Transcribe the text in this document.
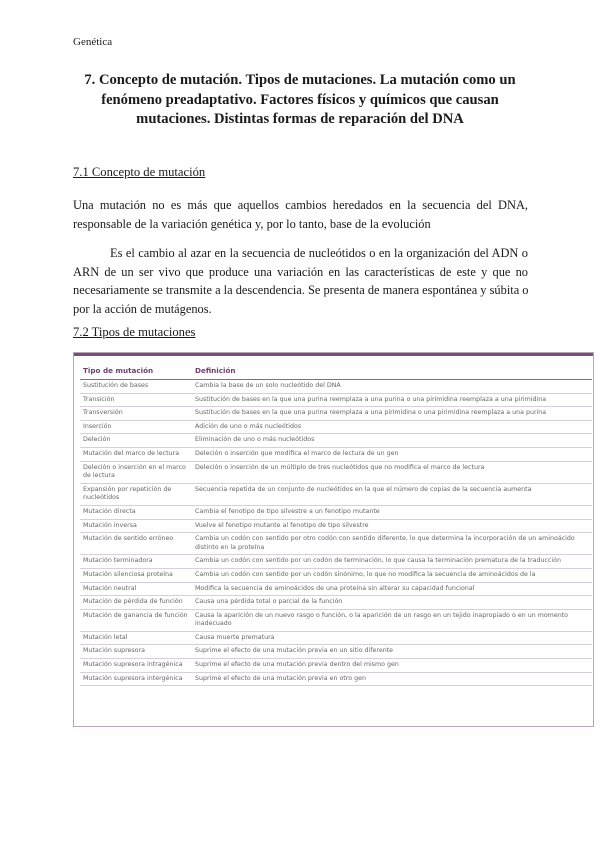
Genética
7. Concepto de mutación. Tipos de mutaciones. La mutación como un
fenómeno preadaptativo. Factores físicos y químicos que causan
mutaciones. Distintas formas de reparación del DNA
7.1 Concepto de mutación
Una mutación no es más que aquellos cambios heredados en la secuencia del DNA,
responsable de la variación genética y, por lo tanto, base de la evolución
Es el cambio al azar en la secuencia de nucleótidos o en la organización del ADN o
ARN de un ser vivo que produce una variación en las características de este y que no
necesariamente se transmite a la descendencia. Se presenta de manera espontánea y súbita o
por la acción de mutágenos.
7.2 Tipos de mutaciones
Tipo de mutación	Definición
Sustitución de bases	Cambia la base de un solo nucleótido del DNA
Transición	Sustitución de bases en la que una purina reemplaza a una purina o una pirimidina reemplaza a una pirimidina
Transversión	Sustitución de bases en la que una purina reemplaza a una pirimidina o una pirimidina reemplaza a una purina
Inserción	Adición de uno o más nucleótidos
Deleción	Eliminación de uno o más nucleótidos
Mutación del marco de lectura	Deleción o inserción que modifica el marco de lectura de un gen
Deleción o inserción en el marco de lectura	Deleción o inserción de un múltiplo de tres nucleótidos que no modifica el marco de lectura
Expansión por repetición de nucleótidos	Secuencia repetida de un conjunto de nucleótidos en la que el número de copias de la secuencia aumenta
Mutación directa	Cambia el fenotipo de tipo silvestre a un fenotipo mutante
Mutación inversa	Vuelve el fenotipo mutante al fenotipo de tipo silvestre
Mutación de sentido erróneo	Cambia un codón con sentido por otro codón con sentido diferente, lo que determina la incorporación de un aminoácido distinto en la proteína
Mutación terminadora	Cambia un codón con sentido por un codón de terminación, lo que causa la terminación prematura de la traducción
Mutación silenciosa proteína	Cambia un codón con sentido por un codón sinónimo, lo que no modifica la secuencia de aminoácidos de la
Mutación neutral	Modifica la secuencia de aminoácidos de una proteína sin alterar su capacidad funcional
Mutación de pérdida de función	Causa una pérdida total o parcial de la función
Mutación de ganancia de función	Causa la aparición de un nuevo rasgo o función, o la aparición de un rasgo en un tejido inapropiado o en un momento inadecuado
Mutación letal	Causa muerte prematura
Mutación supresora	Suprime el efecto de una mutación previa en un sitio diferente
Mutación supresora intragénica	Suprime el efecto de una mutación previa dentro del mismo gen
Mutación supresora intergénica	Suprime el efecto de una mutación previa en otro gen
